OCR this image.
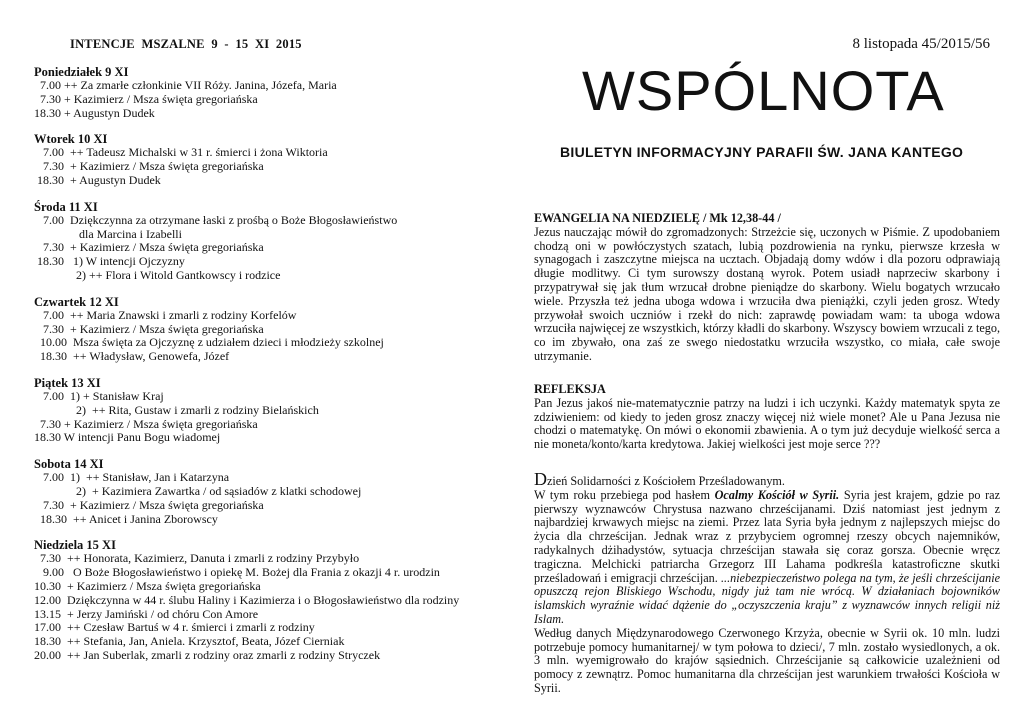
INTENCJE  MSZALNE  9  -  15  XI  2015
Poniedziałek 9 XI
7.00 ++ Za zmarłe członkinie VII Róży. Janina, Józefa, Maria
7.30 + Kazimierz / Msza święta gregoriańska
18.30 + Augustyn Dudek
Wtorek 10 XI
7.00  ++ Tadeusz Michalski w 31 r. śmierci i żona Wiktoria
7.30  + Kazimierz / Msza święta gregoriańska
18.30  + Augustyn Dudek
Środa 11 XI
7.00  Dziękczynna za otrzymane łaski z prośbą o Boże Błogosławieństwo
dla Marcina i Izabelli
7.30  + Kazimierz / Msza święta gregoriańska
18.30   1) W intencji Ojczyzny
2) ++ Flora i Witold Gantkowscy i rodzice
Czwartek 12 XI
7.00  ++ Maria Znawski i zmarli z rodziny Korfelów
7.30  + Kazimierz / Msza święta gregoriańska
10.00  Msza święta za Ojczyznę z udziałem dzieci i młodzieży szkolnej
18.30  ++ Władysław, Genowefa, Józef
Piątek 13 XI
7.00  1) + Stanisław Kraj
2)  ++ Rita, Gustaw i zmarli z rodziny Bielańskich
7.30 + Kazimierz / Msza święta gregoriańska
18.30 W intencji Panu Bogu wiadomej
Sobota 14 XI
7.00  1)  ++ Stanisław, Jan i Katarzyna
2)  + Kazimiera Zawartka / od sąsiadów z klatki schodowej
7.30  + Kazimierz / Msza święta gregoriańska
18.30  ++ Anicet i Janina Zborowscy
Niedziela 15 XI
7.30  ++ Honorata, Kazimierz, Danuta i zmarli z rodziny Przybyło
9.00   O Boże Błogosławieństwo i opiekę M. Bożej dla Frania z okazji 4 r. urodzin
10.30  + Kazimierz / Msza święta gregoriańska
12.00  Dziękczynna w 44 r. ślubu Haliny i Kazimierza i o Błogosławieństwo dla rodziny
13.15  + Jerzy Jamiński / od chóru Con Amore
17.00  ++ Czesław Bartuś w 4 r. śmierci i zmarli z rodziny
18.30  ++ Stefania, Jan, Aniela. Krzysztof, Beata, Józef Cierniak
20.00  ++ Jan Suberlak, zmarli z rodziny oraz zmarli z rodziny Stryczek
8 listopada 45/2015/56
WSPÓLNOTA
BIULETYN INFORMACYJNY PARAFII ŚW. JANA KANTEGO

EWANGELIA NA NIEDZIELĘ / Mk 12,38-44 /

Jezus nauczając mówił do zgromadzonych: Strzeżcie się, uczonych w Piśmie. Z upodobaniem chodzą oni w powłóczystych szatach, lubią pozdrowienia na rynku, pierwsze krzesła w synagogach i zaszczytne miejsca na ucztach. Objadają domy wdów i dla pozoru odprawiają długie modlitwy. Ci tym surowszy dostaną wyrok. Potem usiadł naprzeciw skarbony i przypatrywał się jak tłum wrzucał drobne pieniądze do skarbony. Wielu bogatych wrzucało wiele. Przyszła też jedna uboga wdowa i wrzuciła dwa pieniążki, czyli jeden grosz. Wtedy przywołał swoich uczniów i rzekł do nich: zaprawdę powiadam wam: ta uboga wdowa wrzuciła najwięcej ze wszystkich, którzy kładli do skarbony. Wszyscy bowiem wrzucali z tego, co im zbywało, ona zaś ze swego niedostatku wrzuciła wszystko, co miała, całe swoje utrzymanie.

REFLEKSJA

Pan Jezus jakoś nie-matematycznie patrzy na ludzi i ich uczynki. Każdy matematyk spyta ze zdziwieniem: od kiedy to jeden grosz znaczy więcej niż wiele monet? Ale u Pana Jezusa nie chodzi o matematykę. On mówi o ekonomii zbawienia. A o tym już decyduje wielkość serca a nie moneta/konto/karta kredytowa. Jakiej wielkości jest moje serce ???

Dzień Solidarności z Kościołem Prześladowanym.

W tym roku przebiega pod hasłem Ocalmy Kościół w Syrii. Syria jest krajem, gdzie po raz pierwszy wyznawców Chrystusa nazwano chrześcijanami. Dziś natomiast jest jednym z najbardziej krwawych miejsc na ziemi. Przez lata Syria była jednym z najlepszych miejsc do życia dla chrześcijan. Jednak wraz z przybyciem ogromnej rzeszy obcych najemników, radykalnych dżihadystów, sytuacja chrześcijan stawała się coraz gorsza. Obecnie wręcz tragiczna. Melchicki patriarcha Grzegorz III Lahama podkreśla katastroficzne skutki prześladowań i emigracji chrześcijan. ...niebezpieczeństwo polega na tym, że jeśli chrześcijanie opuszczą rejon Bliskiego Wschodu, nigdy już tam nie wrócą. W działaniach bojowników islamskich wyraźnie widać dążenie do „oczyszczenia kraju” z wyznawców innych religii niż Islam.

Według danych Międzynarodowego Czerwonego Krzyża, obecnie w Syrii ok. 10 mln. ludzi potrzebuje pomocy humanitarnej/ w tym połowa to dzieci/, 7 mln. zostało wysiedlonych, a ok. 3 mln. wyemigrowało do krajów sąsiednich. Chrześcijanie są całkowicie uzależnieni od pomocy z zewnątrz. Pomoc humanitarna dla chrześcijan jest warunkiem trwałości Kościoła w Syrii.
